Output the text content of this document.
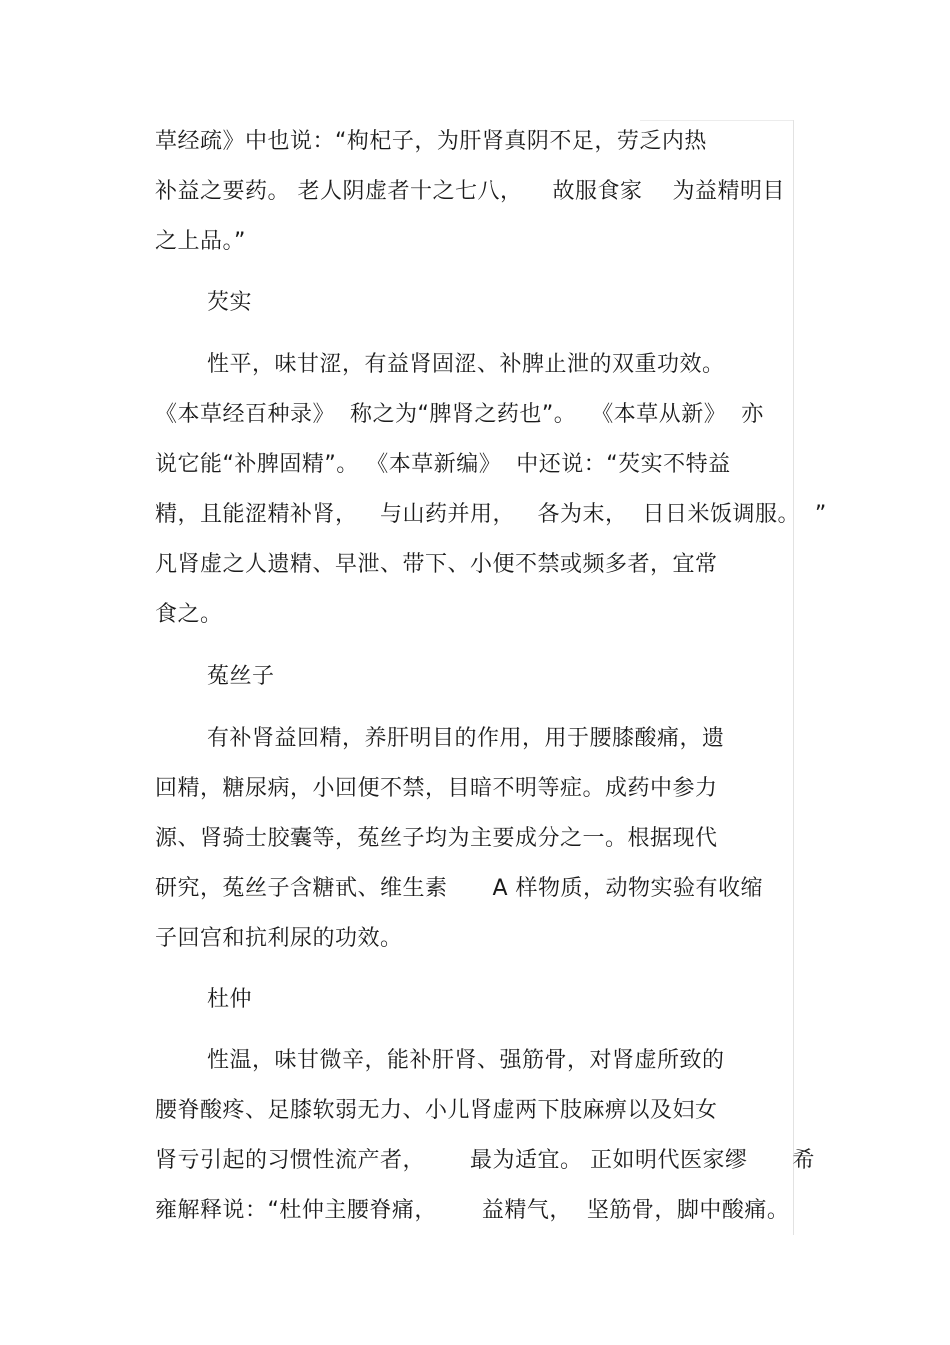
草经疏》中也说：“枸杞子，为肝肾真阴不足，劳乏内热
补益之要药。 老人阴虚者十之七八，    故服食家    为益精明目
之上品。”
芡实
性平，味甘涩，有益肾固涩、补脾止泄的双重功效。
《本草经百种录》  称之为“脾肾之药也”。  《本草从新》  亦
说它能“补脾固精”。 《本草新编》  中还说：“芡实不特益
精，且能涩精补肾，   与山药并用，   各为末，  日日米饭调服。  ”
凡肾虚之人遗精、早泄、带下、小便不禁或频多者，宜常
食之。
菟丝子
有补肾益回精，养肝明目的作用，用于腰膝酸痛，遗
回精，糖尿病，小回便不禁，目暗不明等症。成药中参力
源、肾骑士胶囊等，菟丝子均为主要成分之一。根据现代
研究，菟丝子含糖甙、维生素      A 样物质，动物实验有收缩
子回宫和抗利尿的功效。
杜仲
性温，味甘微辛，能补肝肾、强筋骨，对肾虚所致的
腰脊酸疼、足膝软弱无力、小儿肾虚两下肢麻痹以及妇女
肾亏引起的习惯性流产者，      最为适宜。 正如明代医家缪      希
雍解释说：“杜仲主腰脊痛，      益精气，  坚筋骨，脚中酸痛。
